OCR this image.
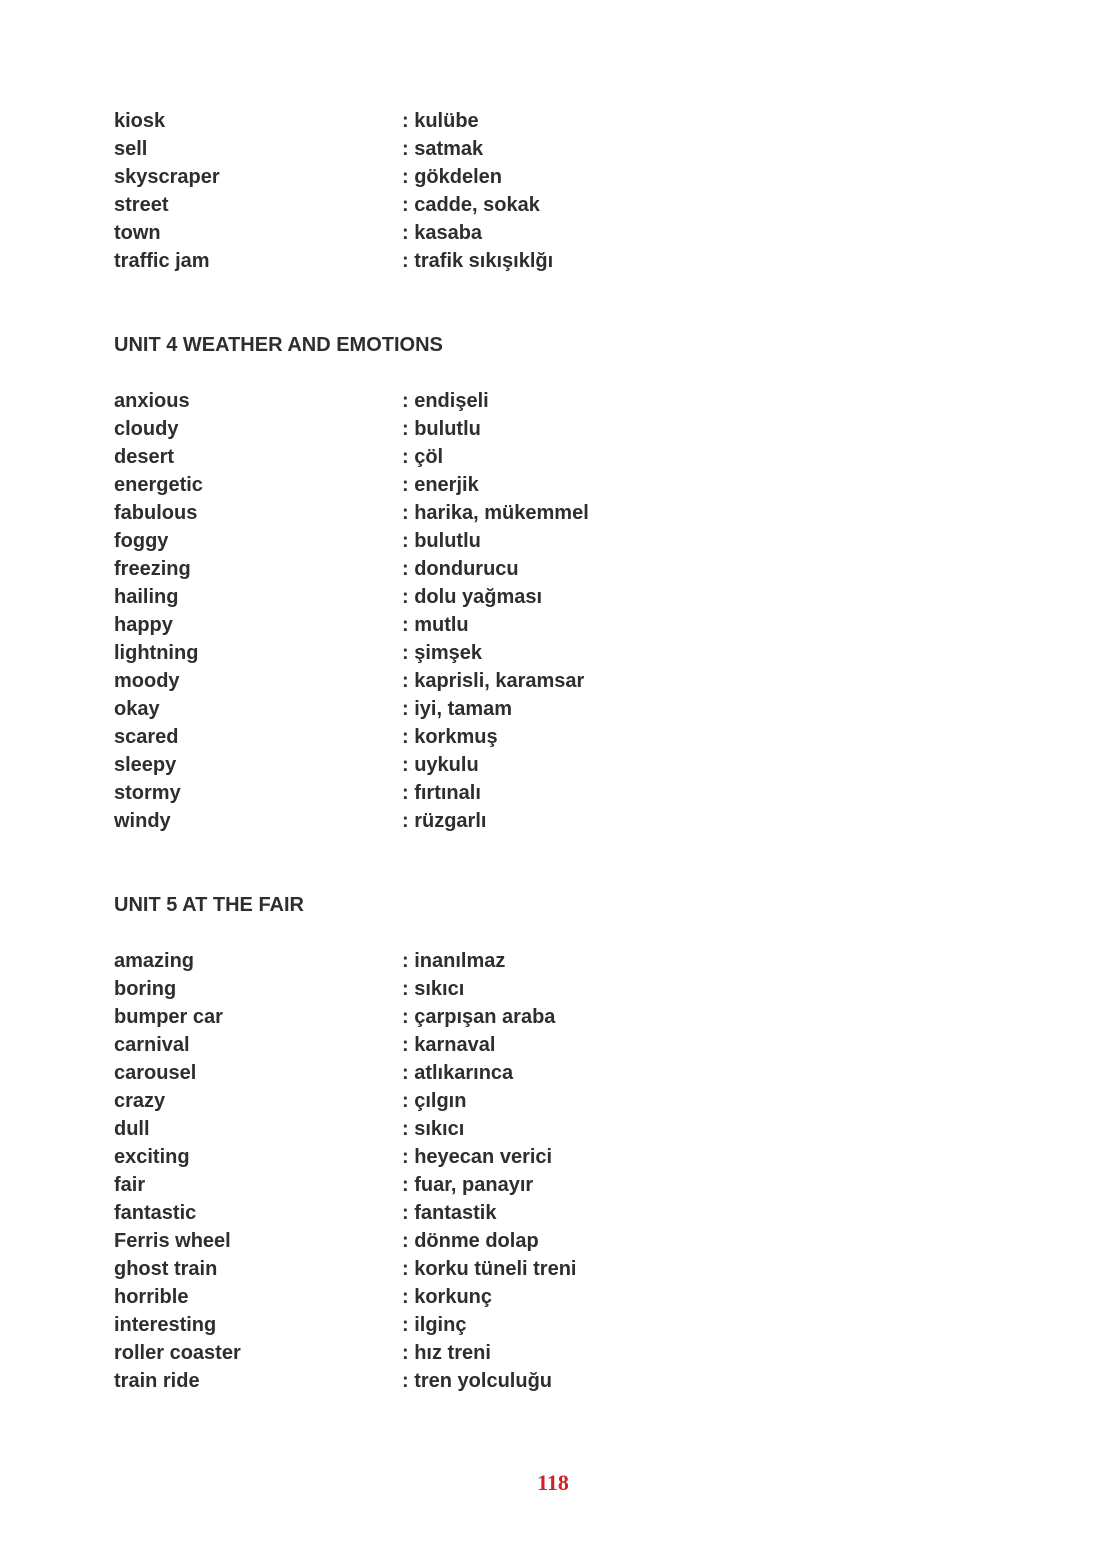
kiosk	: kulübe
sell	: satmak
skyscraper	: gökdelen
street	: cadde, sokak
town	: kasaba
traffic jam	: trafik sıkışıklğı
UNIT 4 WEATHER AND EMOTIONS
anxious	: endişeli
cloudy	: bulutlu
desert	: çöl
energetic	: enerjik
fabulous	: harika, mükemmel
foggy	: bulutlu
freezing	: dondurucu
hailing	: dolu yağması
happy	: mutlu
lightning	: şimşek
moody	: kaprisli, karamsar
okay	: iyi, tamam
scared	: korkmuş
sleepy	: uykulu
stormy	: fırtınalı
windy	: rüzgarlı
UNIT 5 AT THE FAIR
amazing	: inanılmaz
boring	: sıkıcı
bumper car	: çarpışan araba
carnival	: karnaval
carousel	: atlıkarınca
crazy	: çılgın
dull	: sıkıcı
exciting	: heyecan verici
fair	: fuar, panayır
fantastic	: fantastik
Ferris wheel	: dönme dolap
ghost train	: korku tüneli treni
horrible	: korkunç
interesting	: ilginç
roller coaster	: hız treni
train ride	: tren yolculuğu
118
